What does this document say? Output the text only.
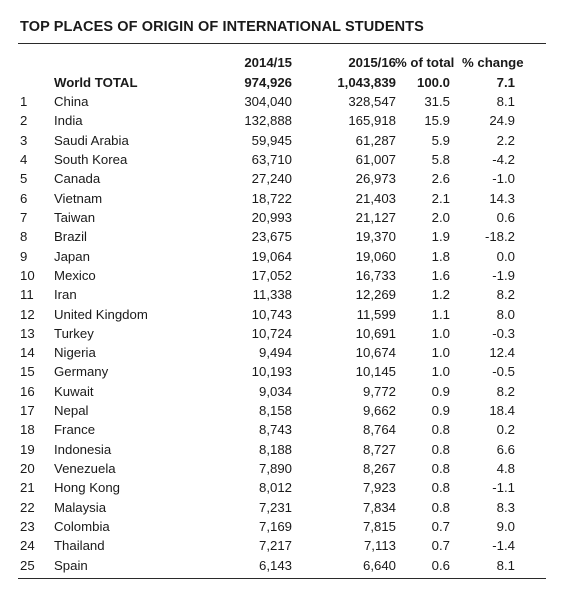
TOP PLACES OF ORIGIN OF INTERNATIONAL STUDENTS
2014/15	2015/16 % of total % change
World TOTAL	974,926	1,043,839 100.0	7.1
1 China	304,040	328,547 31.5	8.1
2 India	132,888	165,918 15.9	24.9
3 Saudi Arabia	59,945	61,287	5.9	2.2
4 South Korea	63,710	61,007	5.8	-4.2
5 Canada	27,240	26,973	2.6	-1.0
6 Vietnam	18,722	21,403	2.1	14.3
7 Taiwan	20,993	21,127	2.0	0.6
8 Brazil	23,675	19,370	1.9	-18.2
9 Japan	19,064	19,060	1.8	0.0
10 Mexico	17,052	16,733	1.6	-1.9
11 Iran	11,338	12,269	1.2	8.2
12 United Kingdom	10,743	11,599	1.1	8.0
13 Turkey	10,724	10,691	1.0	-0.3
14 Nigeria	9,494	10,674	1.0	12.4
15 Germany	10,193	10,145	1.0	-0.5
16 Kuwait	9,034	9,772	0.9	8.2
17 Nepal	8,158	9,662	0.9	18.4
18 France	8,743	8,764	0.8	0.2
19 Indonesia	8,188	8,727	0.8	6.6
20 Venezuela	7,890	8,267	0.8	4.8
21 Hong Kong	8,012	7,923	0.8	-1.1
22 Malaysia	7,231	7,834	0.8	8.3
23 Colombia	7,169	7,815	0.7	9.0
24 Thailand	7,217	7,113	0.7	-1.4
25 Spain	6,143	6,640	0.6	8.1
